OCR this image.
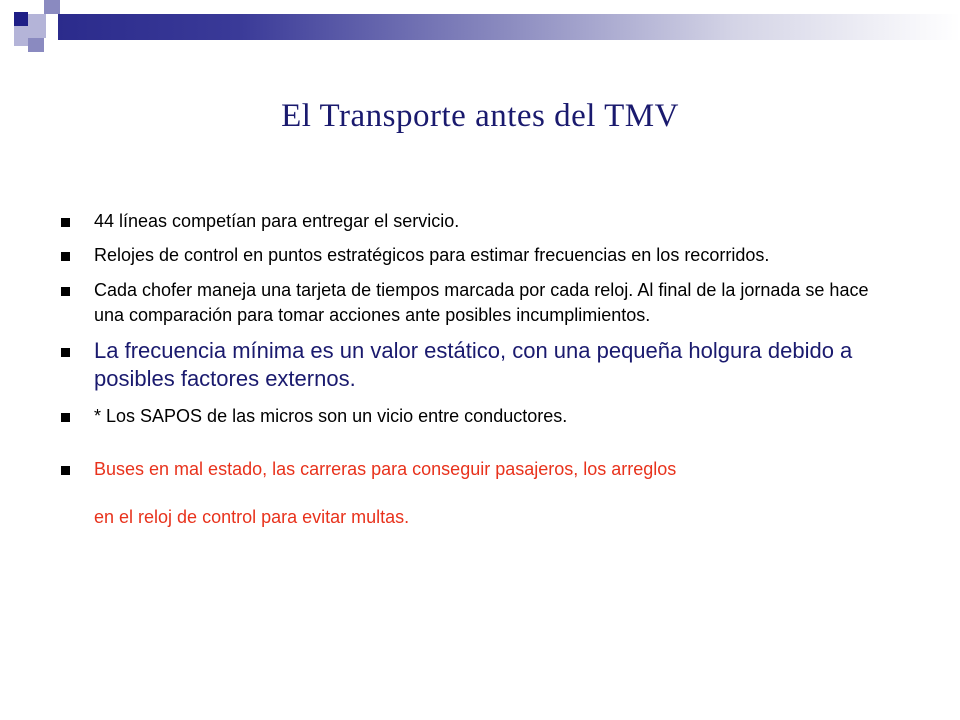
El Transporte antes del TMV
44 líneas competían para entregar el servicio.
Relojes de control en puntos estratégicos para estimar frecuencias en los recorridos.
Cada chofer maneja una tarjeta de tiempos marcada por cada reloj. Al final de la jornada se hace una comparación para tomar acciones ante posibles incumplimientos.
La frecuencia mínima es un valor estático, con una pequeña holgura debido a posibles factores externos.
* Los SAPOS de las micros son un vicio entre conductores.
Buses en mal estado, las carreras para conseguir pasajeros, los arreglos
en el reloj de control para evitar multas.
